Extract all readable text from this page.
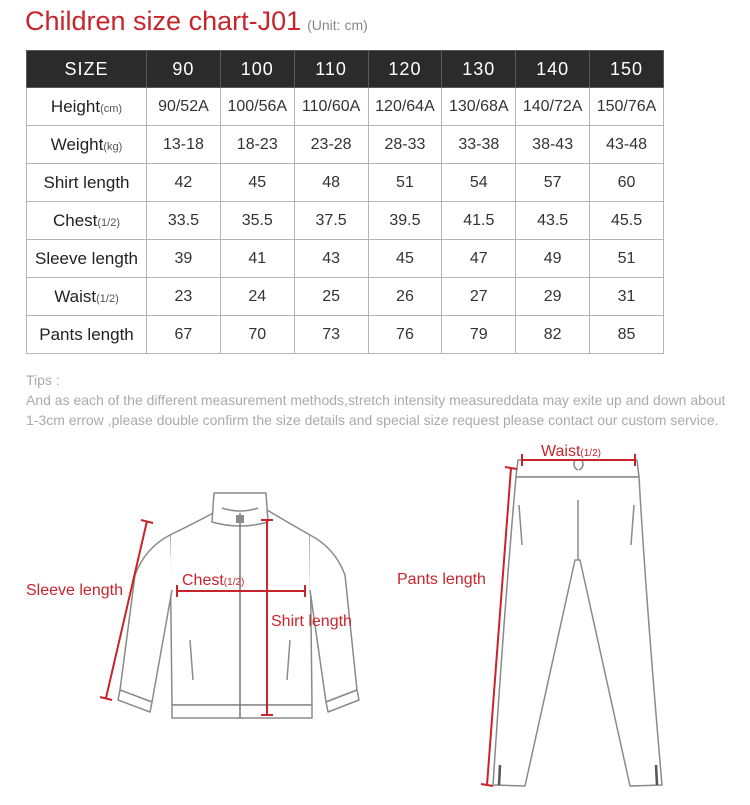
Children size chart-J01 (Unit: cm)
SIZE	90	100	110	120	130	140	150
Height(cm)	90/52A	100/56A	110/60A	120/64A	130/68A	140/72A	150/76A
Weight(kg)	13-18	18-23	23-28	28-33	33-38	38-43	43-48
Shirt length	42	45	48	51	54	57	60
Chest(1/2)	33.5	35.5	37.5	39.5	41.5	43.5	45.5
Sleeve length	39	41	43	45	47	49	51
Waist(1/2)	23	24	25	26	27	29	31
Pants length	67	70	73	76	79	82	85
Tips :
And as each of the different measurement methods,stretch intensity measureddata may exite up and down about 1-3cm errow ,please double confirm the size details and special size request please contact our custom service.
Sleeve length
Chest(1/2)
Shirt length
Waist(1/2)
Pants length
